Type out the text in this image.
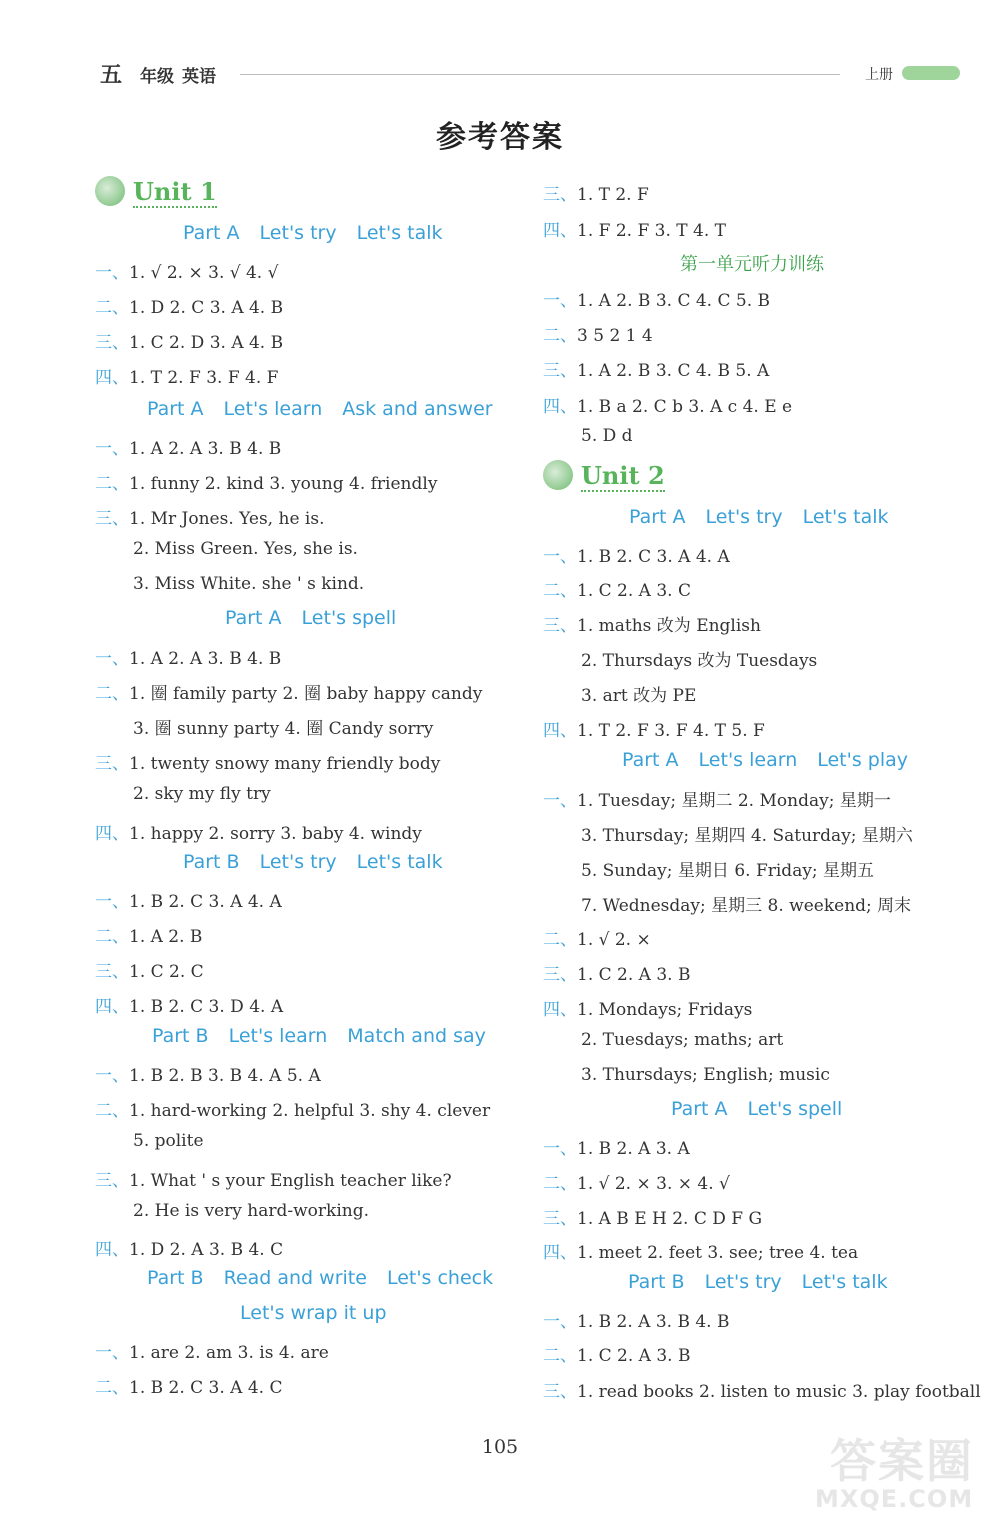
五 年级 英语	上册
参考答案
Unit 1
Part A Let's try Let's talk
一、1. √ 2. × 3. √ 4. √
二、1. D 2. C 3. A 4. B
三、1. C 2. D 3. A 4. B
四、1. T 2. F 3. F 4. F
Part A Let's learn Ask and answer
一、1. A 2. A 3. B 4. B
二、1. funny 2. kind 3. young 4. friendly
三、1. Mr Jones. Yes, he is.
2. Miss Green. Yes, she is.
3. Miss White. she ' s kind.
Part A Let's spell
一、1. A 2. A 3. B 4. B
二、1. 圈 family party 2. 圈 baby happy candy
3. 圈 sunny party 4. 圈 Candy sorry
三、1. twenty snowy many friendly body
2. sky my fly try
四、1. happy 2. sorry 3. baby 4. windy
Part B Let's try Let's talk
一、1. B 2. C 3. A 4. A
二、1. A 2. B
三、1. C 2. C
四、1. B 2. C 3. D 4. A
Part B Let's learn Match and say
一、1. B 2. B 3. B 4. A 5. A
二、1. hard-working 2. helpful 3. shy 4. clever
5. polite
三、1. What ' s your English teacher like?
2. He is very hard-working.
四、1. D 2. A 3. B 4. C
Part B Read and write Let's check
Let's wrap it up
一、1. are 2. am 3. is 4. are
二、1. B 2. C 3. A 4. C
三、1. T 2. F
四、1. F 2. F 3. T 4. T
第一单元听力训练
一、1. A 2. B 3. C 4. C 5. B
二、3 5 2 1 4
三、1. A 2. B 3. C 4. B 5. A
四、1. B a 2. C b 3. A c 4. E e
5. D d
Unit 2
Part A Let's try Let's talk
一、1. B 2. C 3. A 4. A
二、1. C 2. A 3. C
三、1. maths 改为 English
2. Thursdays 改为 Tuesdays
3. art 改为 PE
四、1. T 2. F 3. F 4. T 5. F
Part A Let's learn Let's play
一、1. Tuesday; 星期二 2. Monday; 星期一
3. Thursday; 星期四 4. Saturday; 星期六
5. Sunday; 星期日 6. Friday; 星期五
7. Wednesday; 星期三 8. weekend; 周末
二、1. √ 2. ×
三、1. C 2. A 3. B
四、1. Mondays; Fridays
2. Tuesdays; maths; art
3. Thursdays; English; music
Part A Let's spell
一、1. B 2. A 3. A
二、1. √ 2. × 3. × 4. √
三、1. A B E H 2. C D F G
四、1. meet 2. feet 3. see; tree 4. tea
Part B Let's try Let's talk
一、1. B 2. A 3. B 4. B
二、1. C 2. A 3. B
三、1. read books 2. listen to music 3. play football
105	答案圈
MXQE.COM
